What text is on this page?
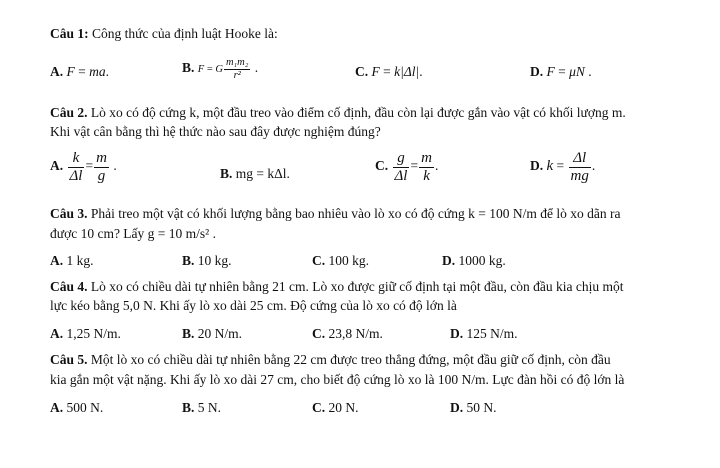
Câu 1: Công thức của định luật Hooke là:
A. F = ma.	B. F = G $\frac{\text{m₁m₂}}{\text{r²}}$ .	C. F = k|Δl|.	D. F = μN .
Câu 2. Lò xo có độ cứng k, một đầu treo vào điểm cố định, đầu còn lại được gắn vào vật có khối lượng m.
Khi vật cân bằng thì hệ thức nào sau đây được nghiệm đúng?
A. $\frac{k}{\Delta l} = \frac{m}{g}$ .
B. mg = kΔl.
C. $\frac{g}{\Delta l} = \frac{m}{k}$ .	D. $k = \frac{\Delta l}{mg}$ .
Câu 3. Phải treo một vật có khối lượng bằng bao nhiêu vào lò xo có độ cứng k = 100 N/m để lò xo dãn ra
được 10 cm? Lấy g = 10 m/s² .
A. 1 kg.	B. 10 kg.	C. 100 kg.	D. 1000 kg.
Câu 4. Lò xo có chiều dài tự nhiên bằng 21 cm. Lò xo được giữ cố định tại một đầu, còn đầu kia chịu một
lực kéo bằng 5,0 N. Khi ấy lò xo dài 25 cm. Độ cứng của lò xo có độ lớn là
A. 1,25 N/m.	B. 20 N/m.	C. 23,8 N/m.	D. 125 N/m.
Câu 5. Một lò xo có chiều dài tự nhiên bằng 22 cm được treo thẳng đứng, một đầu giữ cố định, còn đầu
kia gắn một vật nặng. Khi ấy lò xo dài 27 cm, cho biết độ cứng lò xo là 100 N/m. Lực đàn hồi có độ lớn là
A. 500 N.	B. 5 N.	C. 20 N.	D. 50 N.
